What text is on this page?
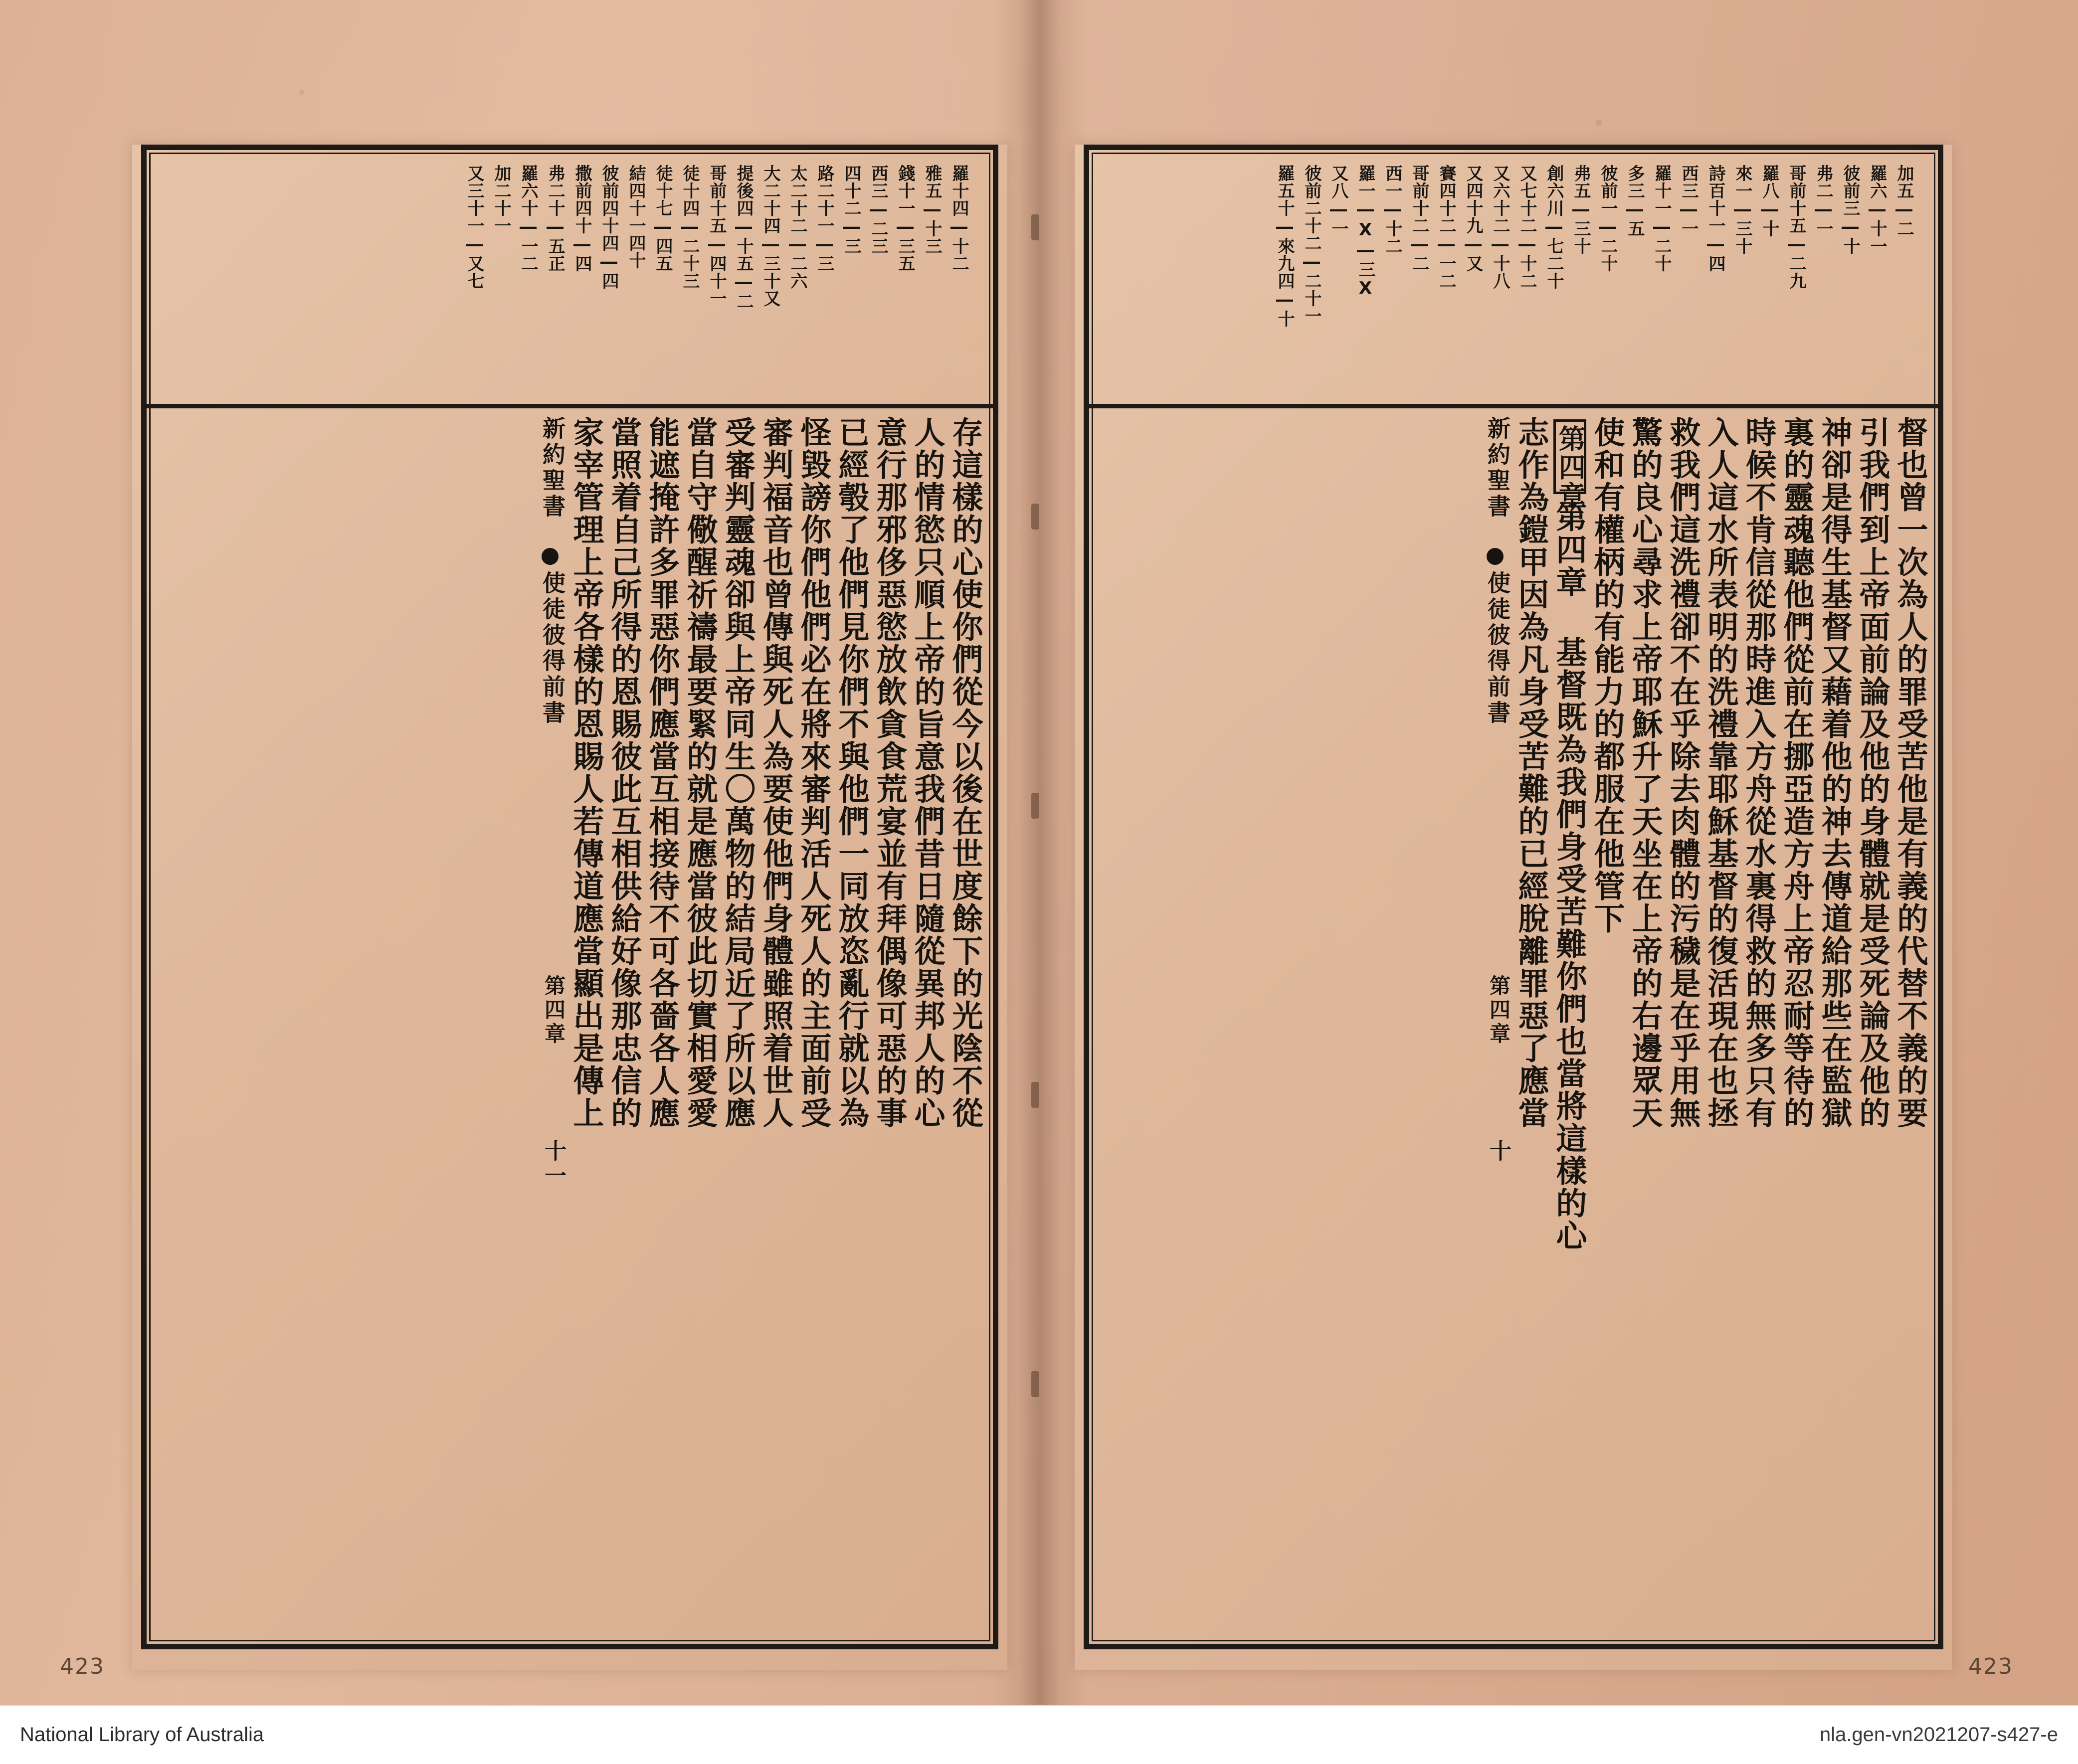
羅十四―十二
雅五―十三
錢十一―三五
西三―二三
四十二―三
路二十一―三
太二十二―二六
大二十四―三十又
提後四―十五―二
哥前十五―四十一
徒十四―二十三
徒十七―四五
結四十一四十
彼前四十四―四
撒前四十―四
弗二十―五正
羅六十―一二
加二十一
又三十一―又七
存這樣的心使你們從今以後在世度餘下的光陰不從
人的情慾只順上帝的旨意我們昔日隨從異邦人的心
意行那邪侈惡慾放飲貪食荒宴並有拜偶像可惡的事
已經彀了他們見你們不與他們一同放恣亂行就以為
怪毀謗你們他們必在將來審判活人死人的主面前受
審判福音也曾傳與死人為要使他們身體雖照着世人
受審判靈魂卻與上帝同生〇萬物的結局近了所以應
當自守儆醒祈禱最要緊的就是應當彼此切實相愛愛
能遮掩許多罪惡你們應當互相接待不可各嗇各人應
當照着自己所得的恩賜彼此互相供給好像那忠信的
家宰管理上帝各樣的恩賜人若傳道應當顯出是傳上
新約聖書
使徒彼得前書
第四章
十一
加五―二
羅六―十一
彼前三―十
弗二―一
哥前十五―二九
羅八―十
來一―三十
詩百十一―四
西三―一
羅十一―二十
多三―五
彼前一―二十
弗五―三十
創六川―七二十
又七十二―十二
又六十二―十八
又四十九―又
賽四十二―一二
哥前十二―二
西一―十二
羅一―X―三X
又八―一
彼前二十二―二十一
羅五十―來九四―十
督也曾一次為人的罪受苦他是有義的代替不義的要
引我們到上帝面前論及他的身體就是受死論及他的
神卻是得生基督又藉着他的神去傳道給那些在監獄
裏的靈魂聽他們從前在挪亞造方舟上帝忍耐等待的
時候不肯信從那時進入方舟從水裏得救的無多只有
入人這水所表明的洗禮靠耶穌基督的復活現在也拯
救我們這洗禮卻不在乎除去肉體的污穢是在乎用無
驚的良心尋求上帝耶穌升了天坐在上帝的右邊眾天
使和有權柄的有能力的都服在他管下
第四章
第四章 基督既為我們身受苦難你們也當將這樣的心
志作為鎧甲因為凡身受苦難的已經脫離罪惡了應當
新約聖書
使徒彼得前書
第四章
十
423	423
National Library of Australia	nla.gen-vn2021207-s427-e
